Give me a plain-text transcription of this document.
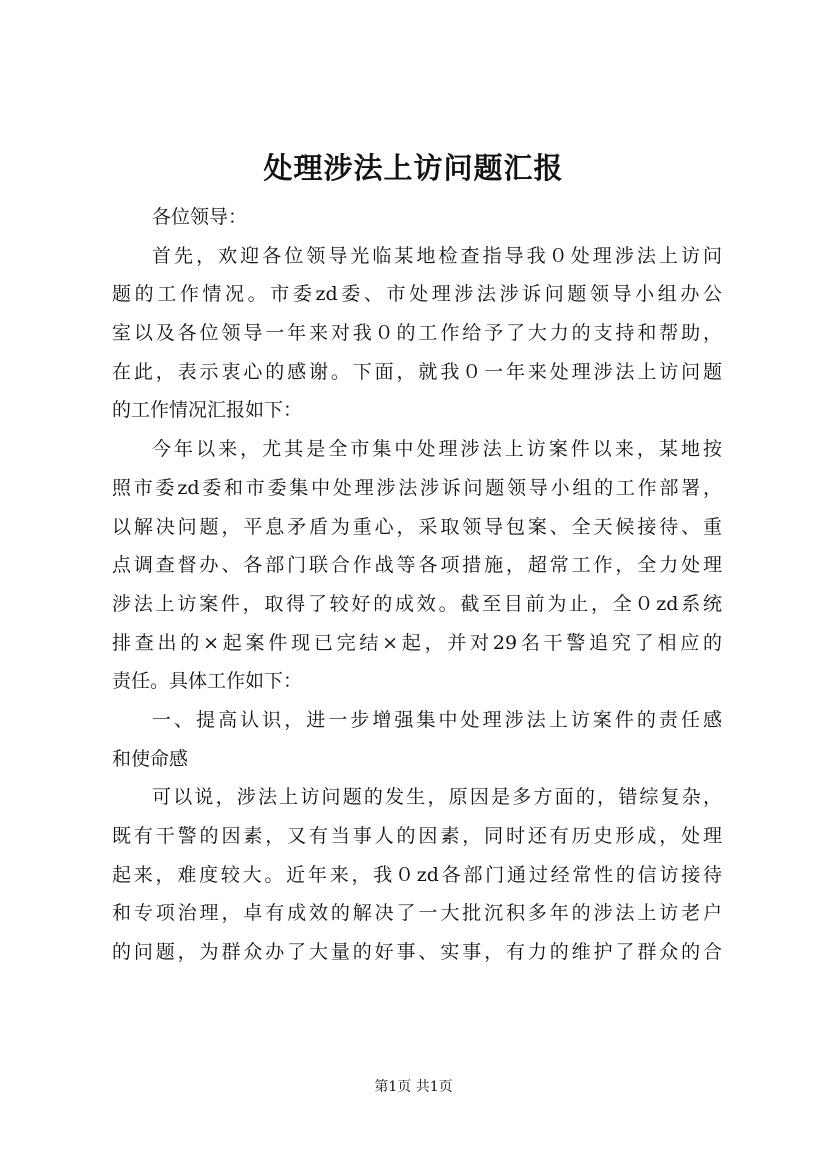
处理涉法上访问题汇报
各位领导：
首先，欢迎各位领导光临某地检查指导我０处理涉法上访问
题的工作情况。市委zd委、市处理涉法涉诉问题领导小组办公
室以及各位领导一年来对我０的工作给予了大力的支持和帮助，
在此，表示衷心的感谢。下面，就我０一年来处理涉法上访问题
的工作情况汇报如下：
今年以来，尤其是全市集中处理涉法上访案件以来，某地按
照市委zd委和市委集中处理涉法涉诉问题领导小组的工作部署，
以解决问题，平息矛盾为重心，采取领导包案、全天候接待、重
点调查督办、各部门联合作战等各项措施，超常工作，全力处理
涉法上访案件，取得了较好的成效。截至目前为止，全０zd系统
排查出的×起案件现已完结×起，并对29名干警追究了相应的
责任。具体工作如下：
一、提高认识，进一步增强集中处理涉法上访案件的责任感
和使命感
可以说，涉法上访问题的发生，原因是多方面的，错综复杂，
既有干警的因素，又有当事人的因素，同时还有历史形成，处理
起来，难度较大。近年来，我０zd各部门通过经常性的信访接待
和专项治理，卓有成效的解决了一大批沉积多年的涉法上访老户
的问题，为群众办了大量的好事、实事，有力的维护了群众的合
第1页 共1页
